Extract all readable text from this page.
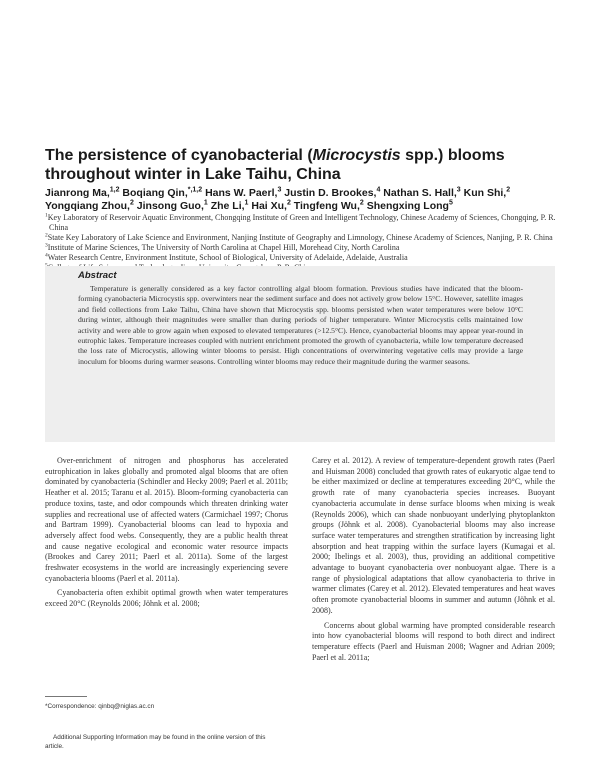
The persistence of cyanobacterial (Microcystis spp.) blooms throughout winter in Lake Taihu, China
Jianrong Ma,$^{1,2}$ Boqiang Qin,$^{*,1,2}$ Hans W. Paerl,$^3$ Justin D. Brookes,$^4$ Nathan S. Hall,$^3$ Kun Shi,$^2$
Yongqiang Zhou,$^2$ Jinsong Guo,$^1$ Zhe Li,$^1$ Hai Xu,$^2$ Tingfeng Wu,$^2$ Shengxing Long$^5$
$^1$Key Laboratory of Reservoir Aquatic Environment, Chongqing Institute of Green and Intelligent Technology, Chinese Academy of Sciences, Chongqing, P. R. China
$^2$State Key Laboratory of Lake Science and Environment, Nanjing Institute of Geography and Limnology, Chinese Academy of Sciences, Nanjing, P. R. China
$^3$Institute of Marine Sciences, The University of North Carolina at Chapel Hill, Morehead City, North Carolina
$^4$Water Research Centre, Environment Institute, School of Biological, University of Adelaide, Adelaide, Australia
Abstract

Temperature is generally considered as a key factor controlling algal bloom formation. Previous studies have indicated that the bloom-forming cyanobacteria Microcystis spp. overwinters near the sediment surface and does not actively grow below 15°C. However, satellite images and field collections from Lake Taihu, China have shown that Microcystis spp. blooms persisted when water temperatures were below 10°C during winter, although their magnitudes were smaller than during periods of higher temperature. Winter Microcystis cells maintained low activity and were able to grow again when exposed to elevated temperatures (>12.5°C). Hence, cyanobacterial blooms may appear year-round in eutrophic lakes. Temperature increases coupled with nutrient enrichment promoted the growth of cyanobacteria, while low temperature decreased the loss rate of Microcystis, allowing winter blooms to persist. High concentrations of overwintering vegetative cells may provide a large inoculum for blooms during warmer seasons. Controlling winter blooms may reduce their magnitude during the warmer seasons.

Over-enrichment of nitrogen and phosphorus has accelerated eutrophication in lakes globally and promoted algal blooms that are often dominated by cyanobacteria (Schindler and Hecky 2009; Paerl et al. 2011b; Heather et al. 2015; Taranu et al. 2015). Bloom-forming cyanobacteria can produce toxins, taste, and odor compounds which threaten drinking water supplies and recreational use of affected waters (Carmichael 1997; Chorus and Bartram 1999). Cyanobacterial blooms can lead to hypoxia and adversely affect food webs. Consequently, they are a public health threat and cause negative ecological and economic water resource impacts (Brookes and Carey 2011; Paerl et al. 2011a). Some of the largest freshwater ecosystems in the world are increasingly experiencing severe cyanobacteria blooms (Paerl et al. 2011a).

Cyanobacteria often exhibit optimal growth when water temperatures exceed 20°C (Reynolds 2006; Jöhnk et al. 2008;

Carey et al. 2012). A review of temperature-dependent growth rates (Paerl and Huisman 2008) concluded that growth rates of eukaryotic algae tend to be either maximized or decline at temperatures exceeding 20°C, while the growth rate of many cyanobacteria species increases. Buoyant cyanobacteria accumulate in dense surface blooms when mixing is weak (Reynolds 2006), which can shade nonbuoyant underlying phytoplankton groups (Jöhnk et al. 2008). Cyanobacterial blooms may also increase surface water temperatures and strengthen stratification by increasing light absorption and heat trapping within the surface layers (Kumagai et al. 2000; Ibelings et al. 2003), thus, providing an additional competitive advantage to buoyant cyanobacteria over nonbuoyant algae. There is a range of physiological adaptations that allow cyanobacteria to thrive in warmer climates (Carey et al. 2012). Elevated temperatures and heat waves often promote cyanobacterial blooms in summer and autumn (Jöhnk et al. 2008).

Concerns about global warming have prompted considerable research into how cyanobacterial blooms will respond to both direct and indirect temperature effects (Paerl and Huisman 2008; Wagner and Adrian 2009; Paerl et al. 2011a;

*Correspondence: qinbq@niglas.ac.cn
Additional Supporting Information may be found in the online version of this article.
